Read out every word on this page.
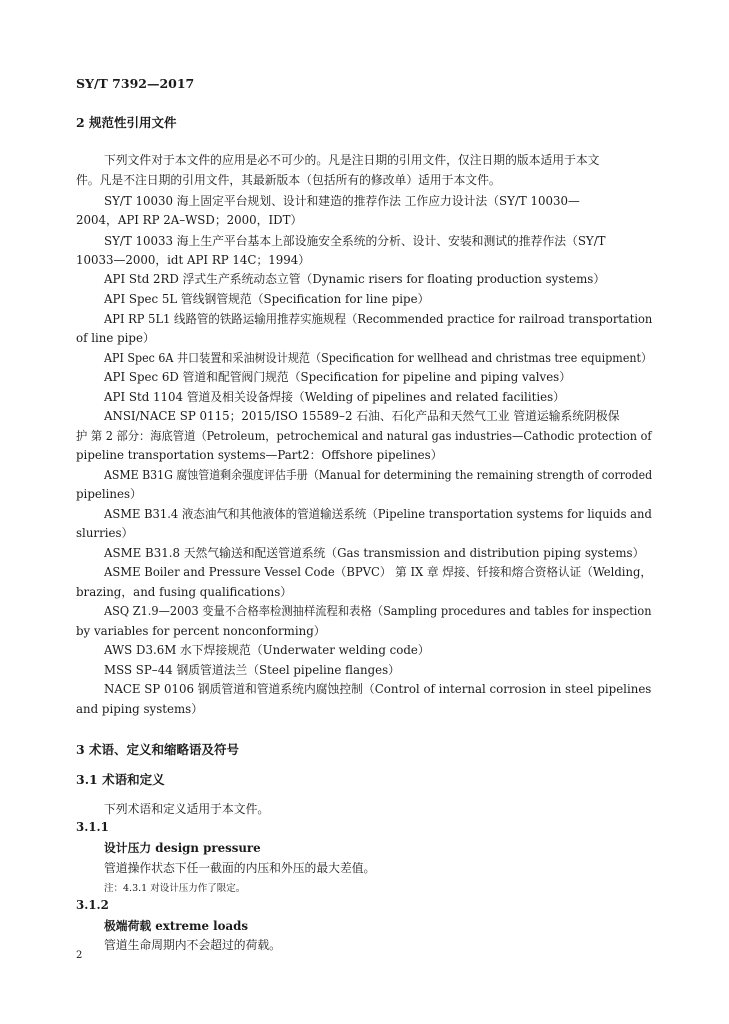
SY/T 7392—2017
2 规范性引用文件
下列文件对于本文件的应用是必不可少的。凡是注日期的引用文件，仅注日期的版本适用于本文
件。凡是不注日期的引用文件，其最新版本（包括所有的修改单）适用于本文件。
SY/T 10030 海上固定平台规划、设计和建造的推荐作法 工作应力设计法（SY/T 10030—
2004，API RP 2A–WSD；2000，IDT）
SY/T 10033 海上生产平台基本上部设施安全系统的分析、设计、安装和测试的推荐作法（SY/T
10033—2000，idt API RP 14C；1994）
API Std 2RD 浮式生产系统动态立管（Dynamic risers for floating production systems）
API Spec 5L 管线钢管规范（Specification for line pipe）
API RP 5L1 线路管的铁路运输用推荐实施规程（Recommended practice for railroad transportation
of line pipe）
API Spec 6A 井口装置和采油树设计规范（Specification for wellhead and christmas tree equipment）
API Spec 6D 管道和配管阀门规范（Specification for pipeline and piping valves）
API Std 1104 管道及相关设备焊接（Welding of pipelines and related facilities）
ANSI/NACE SP 0115；2015/ISO 15589–2 石油、石化产品和天然气工业 管道运输系统阴极保
护 第 2 部分：海底管道（Petroleum，petrochemical and natural gas industries—Cathodic protection of
pipeline transportation systems—Part2：Offshore pipelines）
ASME B31G 腐蚀管道剩余强度评估手册（Manual for determining the remaining strength of corroded
pipelines）
ASME B31.4 液态油气和其他液体的管道输送系统（Pipeline transportation systems for liquids and
slurries）
ASME B31.8 天然气输送和配送管道系统（Gas transmission and distribution piping systems）
ASME Boiler and Pressure Vessel Code（BPVC） 第 IX 章 焊接、钎接和熔合资格认证（Welding，
brazing，and fusing qualifications）
ASQ Z1.9—2003 变量不合格率检测抽样流程和表格（Sampling procedures and tables for inspection
by variables for percent nonconforming）
AWS D3.6M 水下焊接规范（Underwater welding code）
MSS SP–44 钢质管道法兰（Steel pipeline flanges）
NACE SP 0106 钢质管道和管道系统内腐蚀控制（Control of internal corrosion in steel pipelines
and piping systems）
3 术语、定义和缩略语及符号
3.1 术语和定义
下列术语和定义适用于本文件。
3.1.1
设计压力 design pressure
管道操作状态下任一截面的内压和外压的最大差值。
注：4.3.1 对设计压力作了限定。
3.1.2
极端荷载 extreme loads
管道生命周期内不会超过的荷载。
2
